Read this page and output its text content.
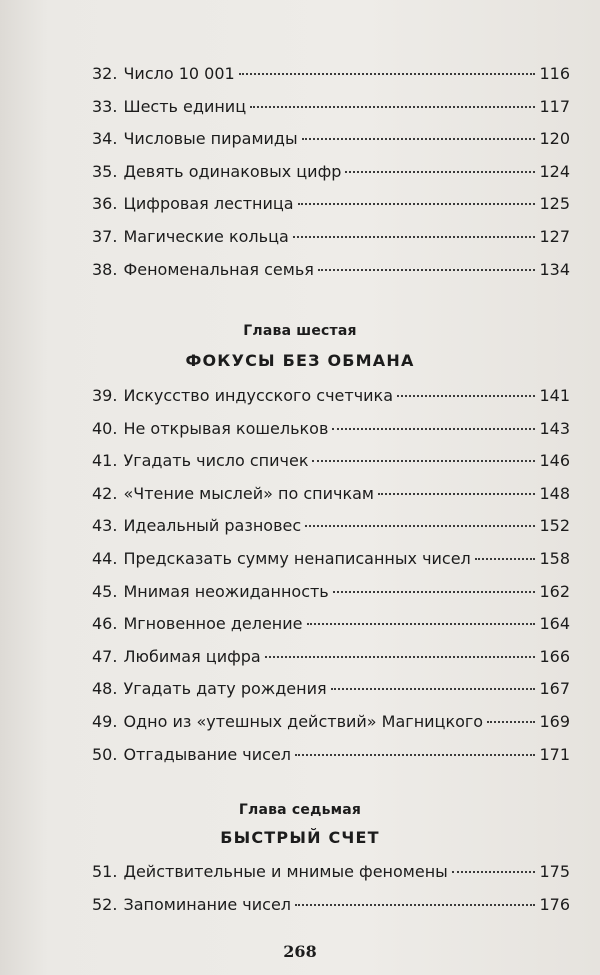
32. Число 10 001	116
33. Шесть единиц	117
34. Числовые пирамиды	120
35. Девять одинаковых цифр	124
36. Цифровая лестница	125
37. Магические кольца	127
38. Феноменальная семья	134
Глава шестая
ФОКУСЫ БЕЗ ОБМАНА
39. Искусство индусского счетчика	141
40. Не открывая кошельков	143
41. Угадать число спичек	146
42. «Чтение мыслей» по спичкам	148
43. Идеальный разновес	152
44. Предсказать сумму ненаписанных чисел	158
45. Мнимая неожиданность	162
46. Мгновенное деление	164
47. Любимая цифра	166
48. Угадать дату рождения	167
49. Одно из «утешных действий» Магницкого	169
50. Отгадывание чисел	171
Глава седьмая
БЫСТРЫЙ СЧЕТ
51. Действительные и мнимые феномены	175
52. Запоминание чисел	176
268
